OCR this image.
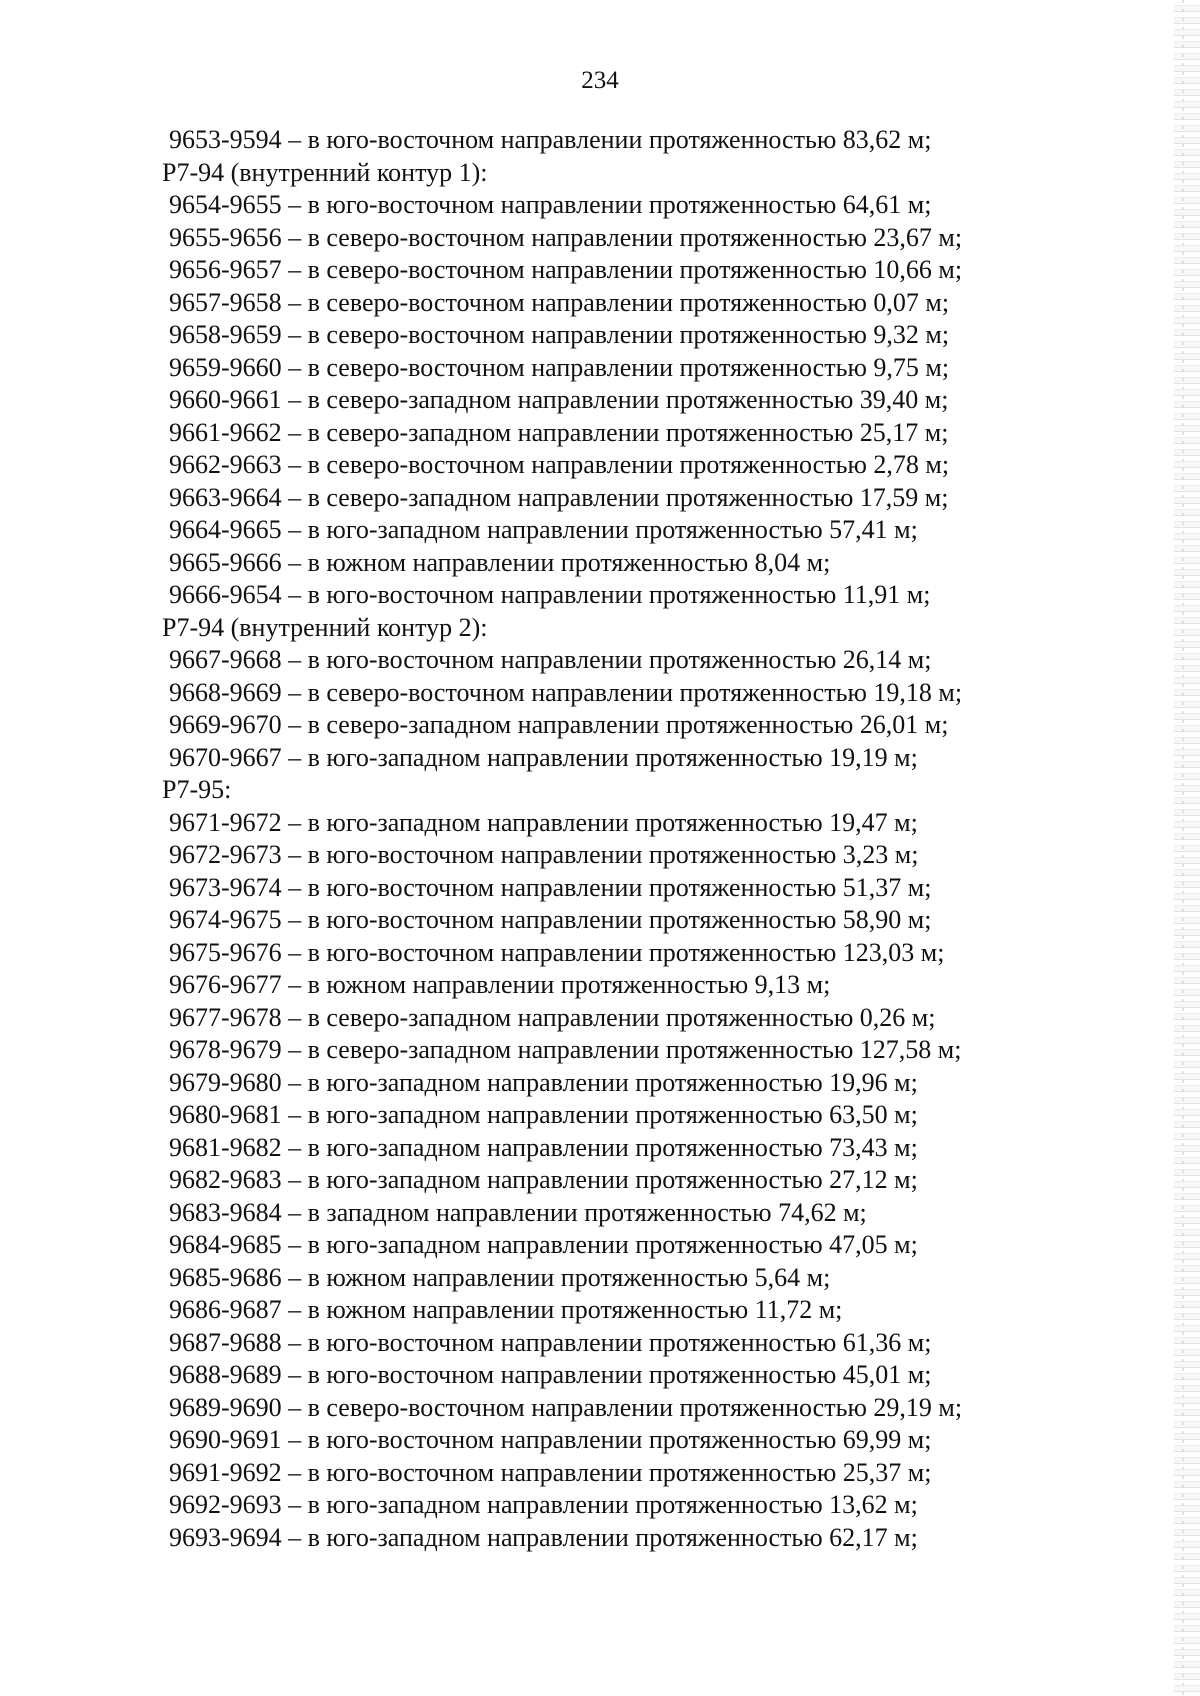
234
9653-9594 – в юго-восточном направлении протяженностью 83,62 м;
Р7-94 (внутренний контур 1):
9654-9655 – в юго-восточном направлении протяженностью 64,61 м;
9655-9656 – в северо-восточном направлении протяженностью 23,67 м;
9656-9657 – в северо-восточном направлении протяженностью 10,66 м;
9657-9658 – в северо-восточном направлении протяженностью 0,07 м;
9658-9659 – в северо-восточном направлении протяженностью 9,32 м;
9659-9660 – в северо-восточном направлении протяженностью 9,75 м;
9660-9661 – в северо-западном направлении протяженностью 39,40 м;
9661-9662 – в северо-западном направлении протяженностью 25,17 м;
9662-9663 – в северо-восточном направлении протяженностью 2,78 м;
9663-9664 – в северо-западном направлении протяженностью 17,59 м;
9664-9665 – в юго-западном направлении протяженностью 57,41 м;
9665-9666 – в южном направлении протяженностью 8,04 м;
9666-9654 – в юго-восточном направлении протяженностью 11,91 м;
Р7-94 (внутренний контур 2):
9667-9668 – в юго-восточном направлении протяженностью 26,14 м;
9668-9669 – в северо-восточном направлении протяженностью 19,18 м;
9669-9670 – в северо-западном направлении протяженностью 26,01 м;
9670-9667 – в юго-западном направлении протяженностью 19,19 м;
Р7-95:
9671-9672 – в юго-западном направлении протяженностью 19,47 м;
9672-9673 – в юго-восточном направлении протяженностью 3,23 м;
9673-9674 – в юго-восточном направлении протяженностью 51,37 м;
9674-9675 – в юго-восточном направлении протяженностью 58,90 м;
9675-9676 – в юго-восточном направлении протяженностью 123,03 м;
9676-9677 – в южном направлении протяженностью 9,13 м;
9677-9678 – в северо-западном направлении протяженностью 0,26 м;
9678-9679 – в северо-западном направлении протяженностью 127,58 м;
9679-9680 – в юго-западном направлении протяженностью 19,96 м;
9680-9681 – в юго-западном направлении протяженностью 63,50 м;
9681-9682 – в юго-западном направлении протяженностью 73,43 м;
9682-9683 – в юго-западном направлении протяженностью 27,12 м;
9683-9684 – в западном направлении протяженностью 74,62 м;
9684-9685 – в юго-западном направлении протяженностью 47,05 м;
9685-9686 – в южном направлении протяженностью 5,64 м;
9686-9687 – в южном направлении протяженностью 11,72 м;
9687-9688 – в юго-восточном направлении протяженностью 61,36 м;
9688-9689 – в юго-восточном направлении протяженностью 45,01 м;
9689-9690 – в северо-восточном направлении протяженностью 29,19 м;
9690-9691 – в юго-восточном направлении протяженностью 69,99 м;
9691-9692 – в юго-восточном направлении протяженностью 25,37 м;
9692-9693 – в юго-западном направлении протяженностью 13,62 м;
9693-9694 – в юго-западном направлении протяженностью 62,17 м;
